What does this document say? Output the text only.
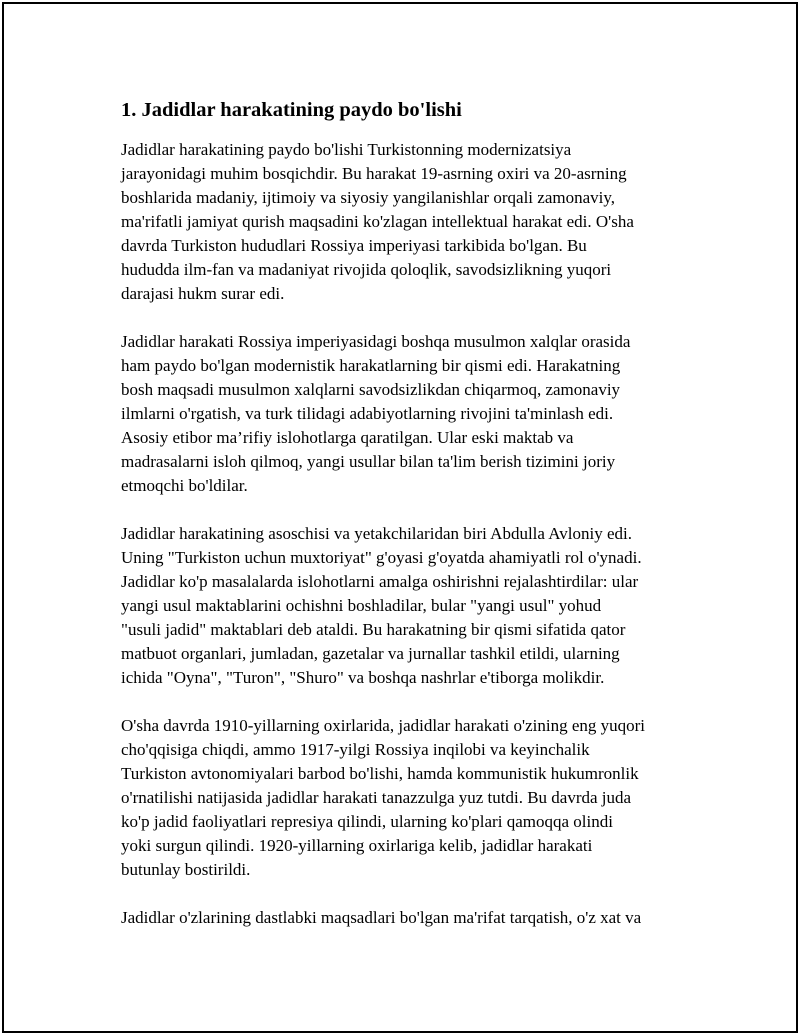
1. Jadidlar harakatining paydo bo'lishi
Jadidlar harakatining paydo bo'lishi Turkistonning modernizatsiya
jarayonidagi muhim bosqichdir. Bu harakat 19-asrning oxiri va 20-asrning
boshlarida madaniy, ijtimoiy va siyosiy yangilanishlar orqali zamonaviy,
ma'rifatli jamiyat qurish maqsadini ko'zlagan intellektual harakat edi. O'sha
davrda Turkiston hududlari Rossiya imperiyasi tarkibida bo'lgan. Bu
hududda ilm-fan va madaniyat rivojida qoloqlik, savodsizlikning yuqori
darajasi hukm surar edi.
Jadidlar harakati Rossiya imperiyasidagi boshqa musulmon xalqlar orasida
ham paydo bo'lgan modernistik harakatlarning bir qismi edi. Harakatning
bosh maqsadi musulmon xalqlarni savodsizlikdan chiqarmoq, zamonaviy
ilmlarni o'rgatish, va turk tilidagi adabiyotlarning rivojini ta'minlash edi.
Asosiy etibor ma’rifiy islohotlarga qaratilgan. Ular eski maktab va
madrasalarni isloh qilmoq, yangi usullar bilan ta'lim berish tizimini joriy
etmoqchi bo'ldilar.
Jadidlar harakatining asoschisi va yetakchilaridan biri Abdulla Avloniy edi.
Uning "Turkiston uchun muxtoriyat" g'oyasi g'oyatda ahamiyatli rol o'ynadi.
Jadidlar ko'p masalalarda islohotlarni amalga oshirishni rejalashtirdilar: ular
yangi usul maktablarini ochishni boshladilar, bular "yangi usul" yohud
"usuli jadid" maktablari deb ataldi. Bu harakatning bir qismi sifatida qator
matbuot organlari, jumladan, gazetalar va jurnallar tashkil etildi, ularning
ichida "Oyna", "Turon", "Shuro" va boshqa nashrlar e'tiborga molikdir.
O'sha davrda 1910-yillarning oxirlarida, jadidlar harakati o'zining eng yuqori
cho'qqisiga chiqdi, ammo 1917-yilgi Rossiya inqilobi va keyinchalik
Turkiston avtonomiyalari barbod bo'lishi, hamda kommunistik hukumronlik
o'rnatilishi natijasida jadidlar harakati tanazzulga yuz tutdi. Bu davrda juda
ko'p jadid faoliyatlari represiya qilindi, ularning ko'plari qamoqqa olindi
yoki surgun qilindi. 1920-yillarning oxirlariga kelib, jadidlar harakati
butunlay bostirildi.
Jadidlar o'zlarining dastlabki maqsadlari bo'lgan ma'rifat tarqatish, o'z xat va
